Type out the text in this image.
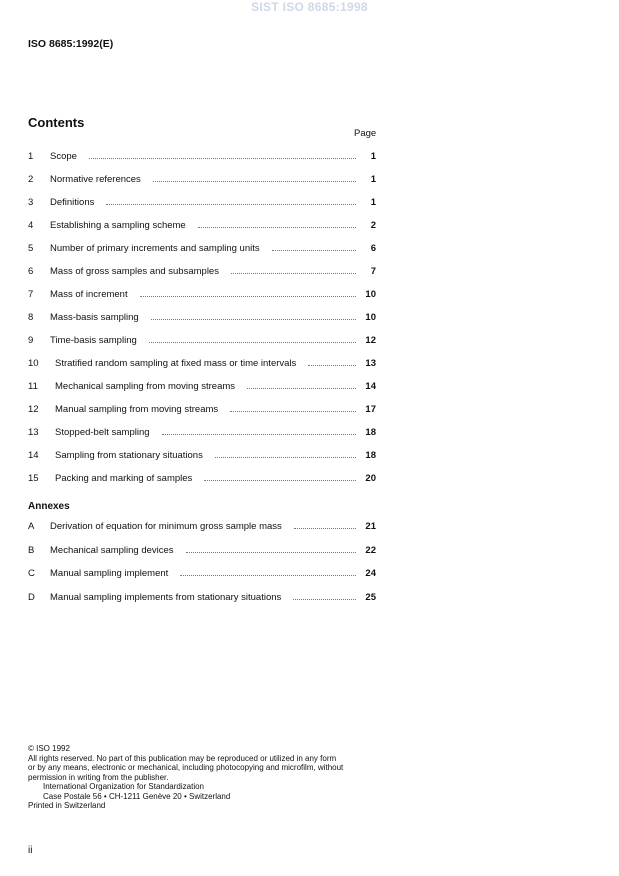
SIST ISO 8685:1998
ISO 8685:1992(E)
Contents
Page
1	Scope	1
2	Normative references	1
3	Definitions	1
4	Establishing a sampling scheme	2
5	Number of primary increments and sampling units	6
6	Mass of gross samples and subsamples	7
7	Mass of increment	10
8	Mass-basis sampling	10
9	Time-basis sampling	12
10	Stratified random sampling at fixed mass or time intervals	13
11	Mechanical sampling from moving streams	14
12	Manual sampling from moving streams	17
13	Stopped-belt sampling	18
14	Sampling from stationary situations	18
15	Packing and marking of samples	20
Annexes
A	Derivation of equation for minimum gross sample mass	21
B	Mechanical sampling devices	22
C	Manual sampling implement	24
D	Manual sampling implements from stationary situations	25
© ISO 1992
All rights reserved. No part of this publication may be reproduced or utilized in any form
or by any means, electronic or mechanical, including photocopying and microfilm, without
permission in writing from the publisher.
International Organization for Standardization
Case Postale 56 • CH-1211 Genève 20 • Switzerland
Printed in Switzerland
ii
